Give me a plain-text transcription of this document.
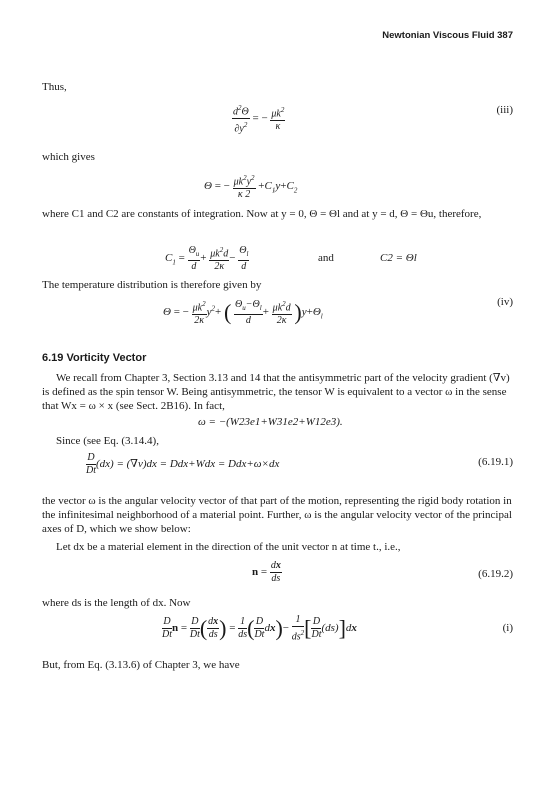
Newtonian Viscous Fluid 387
Thus,
$\frac{d^2\Theta}{\partial y^2}$ = − $\frac{\mu k^2}{\kappa}$	(iii)
which gives
Θ = − $\frac{\mu k^2y^2}{\kappa 2} +C_1y+C_2$
where C1 and C2 are constants of integration. Now at y = 0, Θ = Θl and at y = d, Θ = Θu, therefore,
$C_1 = \frac{\Theta_u}{d} + \frac{\mu k^2d}{2\kappa} - \frac{\Theta_l}{d}$	and	C2 = Θl
The temperature distribution is therefore given by
Θ = − $\frac{\mu k^2}{2\kappa} y^2+$ ( $\frac{\Theta_u-\Theta_l}{d} + \frac{\mu k^2d}{2\kappa} )y+\Theta_l$
(iv)
6.19 Vorticity Vector
We recall from Chapter 3, Section 3.13 and 14 that the antisymmetric part of the velocity gradient (∇v) is defined as the spin tensor W. Being antisymmetric, the tensor W is equivalent to a vector ω in the sense that Wx = ω × x (see Sect. 2B16). In fact,
ω = −(W23e1+W31e2+W12e3).
Since (see Eq. (3.14.4),
$\frac{D}{Dt} (dx) = (\nabla v)dx = Ddx+Wdx = Ddx+\omega\times dx$	(6.19.1)
the vector ω is the angular velocity vector of that part of the motion, representing the rigid body rotation in the infinitesimal neighborhood of a material point. Further, ω is the angular velocity vector of the principal axes of D, which we show below:
Let dx be a material element in the direction of the unit vector n at time t., i.e.,
$n = \frac{dx}{ds}$	(6.19.2)
where ds is the length of dx. Now
$\frac{D}{Dt}$ $n = \frac{D}{Dt}$ ( $\frac{dx}{ds}$ ) = $\frac{1}{ds}$ ( $\frac{D}{Dt} dx)- \frac{1}{ds^2}$ [ $\frac{D}{Dt} (ds)]dx$	(i)
But, from Eq. (3.13.6) of Chapter 3, we have
